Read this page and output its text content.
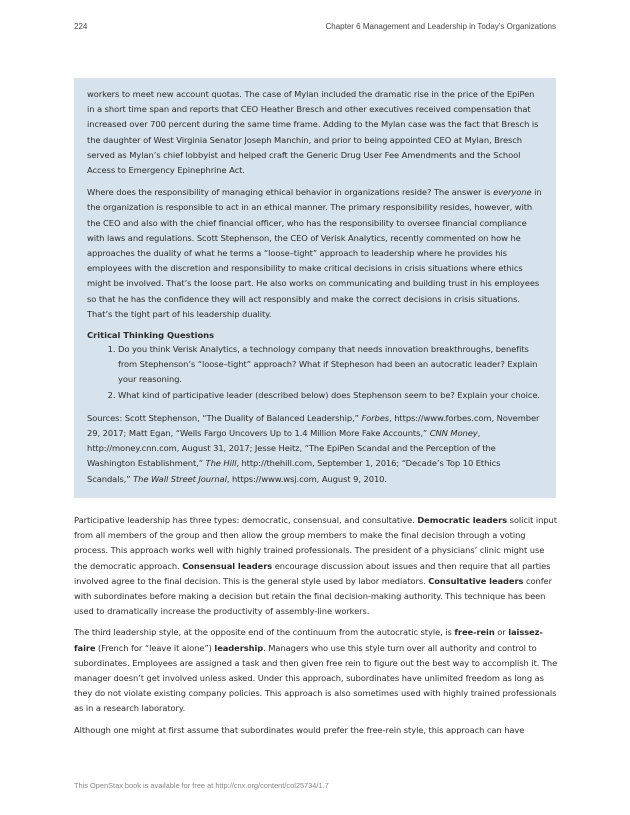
224	Chapter 6 Management and Leadership in Today’s Organizations

workers to meet new account quotas. The case of Mylan included the dramatic rise in the price of the EpiPen in a short time span and reports that CEO Heather Bresch and other executives received compensation that increased over 700 percent during the same time frame. Adding to the Mylan case was the fact that Bresch is the daughter of West Virginia Senator Joseph Manchin, and prior to being appointed CEO at Mylan, Bresch served as Mylan’s chief lobbyist and helped craft the Generic Drug User Fee Amendments and the School Access to Emergency Epinephrine Act.

Where does the responsibility of managing ethical behavior in organizations reside? The answer is everyone in the organization is responsible to act in an ethical manner. The primary responsibility resides, however, with the CEO and also with the chief financial officer, who has the responsibility to oversee financial compliance with laws and regulations. Scott Stephenson, the CEO of Verisk Analytics, recently commented on how he approaches the duality of what he terms a “loose–tight” approach to leadership where he provides his employees with the discretion and responsibility to make critical decisions in crisis situations where ethics might be involved. That’s the loose part. He also works on communicating and building trust in his employees so that he has the confidence they will act responsibly and make the correct decisions in crisis situations. That’s the tight part of his leadership duality.

Critical Thinking Questions
1. Do you think Verisk Analytics, a technology company that needs innovation breakthroughs, benefits from Stephenson’s “loose–tight” approach? What if Stepheson had been an autocratic leader? Explain your reasoning.
2. What kind of participative leader (described below) does Stephenson seem to be? Explain your choice.

Sources: Scott Stephenson, “The Duality of Balanced Leadership,” Forbes, https://www.forbes.com, November 29, 2017; Matt Egan, “Wells Fargo Uncovers Up to 1.4 Million More Fake Accounts,” CNN Money, http://money.cnn.com, August 31, 2017; Jesse Heitz, “The EpiPen Scandal and the Perception of the Washington Establishment,” The Hill, http://thehill.com, September 1, 2016; “Decade’s Top 10 Ethics Scandals,” The Wall Street Journal, https://www.wsj.com, August 9, 2010.

Participative leadership has three types: democratic, consensual, and consultative. Democratic leaders solicit input from all members of the group and then allow the group members to make the final decision through a voting process. This approach works well with highly trained professionals. The president of a physicians’ clinic might use the democratic approach. Consensual leaders encourage discussion about issues and then require that all parties involved agree to the final decision. This is the general style used by labor mediators. Consultative leaders confer with subordinates before making a decision but retain the final decision-making authority. This technique has been used to dramatically increase the productivity of assembly-line workers.

The third leadership style, at the opposite end of the continuum from the autocratic style, is free-rein or laissez-faire (French for “leave it alone”) leadership. Managers who use this style turn over all authority and control to subordinates. Employees are assigned a task and then given free rein to figure out the best way to accomplish it. The manager doesn’t get involved unless asked. Under this approach, subordinates have unlimited freedom as long as they do not violate existing company policies. This approach is also sometimes used with highly trained professionals as in a research laboratory.

Although one might at first assume that subordinates would prefer the free-rein style, this approach can have

This OpenStax book is available for free at http://cnx.org/content/col25734/1.7
